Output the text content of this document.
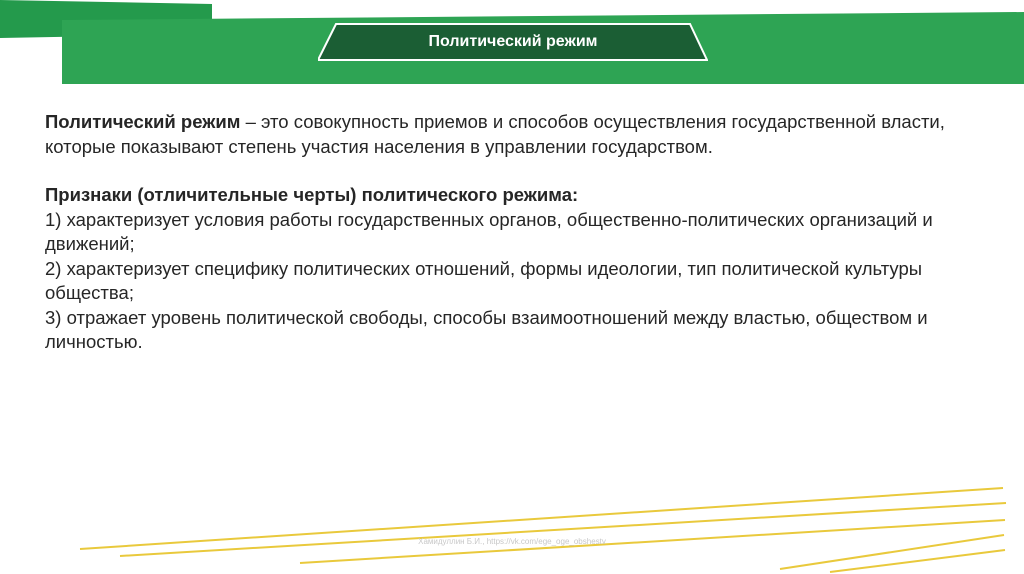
Политический режим

Политический режим – это совокупность приемов и способов осуществления государственной власти, которые показывают степень участия населения в управлении государством.

Признаки (отличительные черты) политического режима:

1) характеризует условия работы государственных органов, общественно-политических организаций и движений;

2) характеризует специфику политических отношений, формы идеологии, тип политической культуры общества;

3) отражает уровень политической свободы, способы взаимоотношений между властью, обществом и личностью.

Хамидуллин Б.И., https://vk.com/ege_oge_obshestv
